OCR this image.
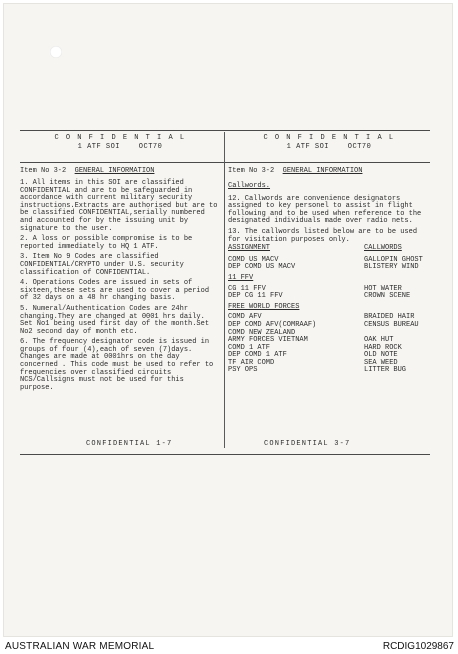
C O N F I D E N T I A L
1 ATF SOI	OCT70
Item No 3-2 GENERAL INFORMATION

1. All items in this SOI are classified CONFIDENTIAL and are to be safeguarded in accordance with current military security instructions.Extracts are authorised but are to be classified CONFIDENTIAL,serially numbered and accounted for by the issuing unit by signature to the user.

2. A loss or possible compromise is to be reported immediately to HQ 1 ATF.

3. Item No 9 Codes are classified CONFIDENTIAL/CRYPTO under U.S. security classification of CONFIDENTIAL.

4. Operations Codes are issued in sets of sixteen,these sets are used to cover a period of 32 days on a 48 hr changing basis.

5. Numeral/Authentication Codes are 24hr changing.They are changed at 0001 hrs daily. Set No1 being used first day of the month.Set No2 second day of month etc.

6. The frequency designator code is issued in groups of four (4),each of seven (7)days. Changes are made at 0001hrs on the day concerned . This code must be used to refer to frequencies over classified circuits NCS/Callsigns must not be used for this purpose.

CONFIDENTIAL 1-7
C O N F I D E N T I A L
1 ATF SOI	OCT70
Item No 3-2 GENERAL INFORMATION
Callwords.

12. Callwords are convenience designators assigned to key personel to assist in flight following and to be used when reference to the designated individuals made over radio nets.

13. The callwords listed below are to be used for visitation purposes only.

ASSIGNMENT	CALLWORDS
COMD US MACV	GALLOPIN GHOST
DEP COMD US MACV	BLISTERY WIND
11 FFV
CG 11 FFV	HOT WATER
DEP CG 11 FFV	CROWN SCENE
FREE WORLD FORCES
COMD AFV	BRAIDED HAIR
DEP COMD AFV(COMRAAF)	CENSUS BUREAU
COMD NEW ZEALAND
ARMY FORCES VIETNAM	OAK HUT
COMD 1 ATF	HARD ROCK
DEP COMD 1 ATF	OLD NOTE
TF AIR COMD	SEA WEED
PSY OPS	LITTER BUG
CONFIDENTIAL 3-7
AUSTRALIAN WAR MEMORIAL	RCDIG1029867
